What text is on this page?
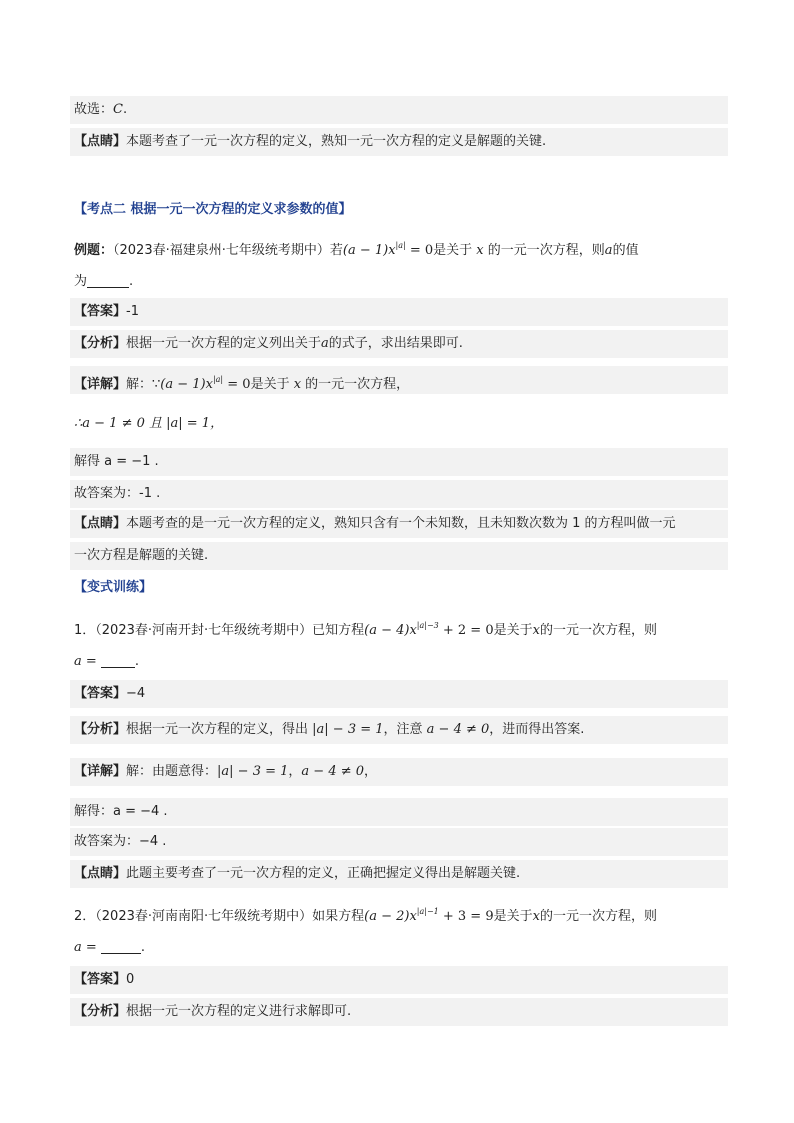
故选：C.
【点睛】本题考查了一元一次方程的定义，熟知一元一次方程的定义是解题的关键.
【考点二 根据一元一次方程的定义求参数的值】
例题：（2023春·福建泉州·七年级统考期中）若$(a - 1)x^{|a|} = 0$是关于 x 的一元一次方程，则a的值
为	.
【答案】-1
【分析】根据一元一次方程的定义列出关于a的式子，求出结果即可.
【详解】解：∵(a − $1)x^{|a|} = 0$是关于 x 的一元一次方程，
∴a − 1 ≠ 0 且 |a| = 1，
解得 a = −1 .
故答案为：-1 .
【点睛】本题考查的是一元一次方程的定义，熟知只含有一个未知数，且未知数次数为 1 的方程叫做一元
一次方程是解题的关键.
【变式训练】
1．（2023春·河南开封·七年级统考期中）已知方程$(a - 4)x^{|a|-3} + 2 = 0$是关于x的一元一次方程，则
a =	.
【答案】−4
【分析】根据一元一次方程的定义，得出 |a| − 3 = 1，注意 a − 4 ≠ 0，进而得出答案.
【详解】解：由题意得：|a| − 3 = 1，a − 4 ≠ 0，
解得：a = −4 .
故答案为：−4 .
【点睛】此题主要考查了一元一次方程的定义，正确把握定义得出是解题关键.
2．（2023春·河南南阳·七年级统考期中）如果方程$(a - 2)x^{|a|-1} + 3 = 9$是关于x的一元一次方程，则
a =	.
【答案】0
【分析】根据一元一次方程的定义进行求解即可.
